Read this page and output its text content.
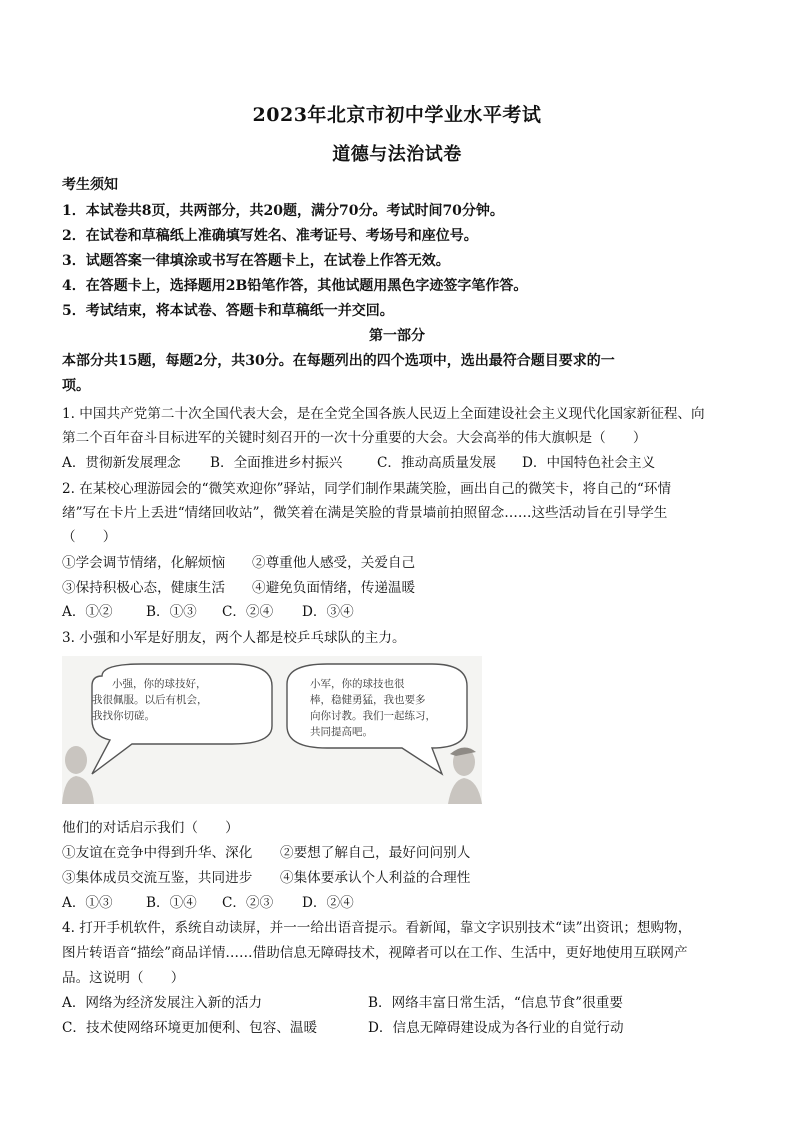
2023年北京市初中学业水平考试
道德与法治试卷
考生须知
1．本试卷共8页，共两部分，共20题，满分70分。考试时间70分钟。
2．在试卷和草稿纸上准确填写姓名、准考证号、考场号和座位号。
3．试题答案一律填涂或书写在答题卡上，在试卷上作答无效。
4．在答题卡上，选择题用2B铅笔作答，其他试题用黑色字迹签字笔作答。
5．考试结束，将本试卷、答题卡和草稿纸一并交回。
第一部分
本部分共15题，每题2分，共30分。在每题列出的四个选项中，选出最符合题目要求的一
项。
1. 中国共产党第二十次全国代表大会，是在全党全国各族人民迈上全面建设社会主义现代化国家新征程、向
第二个百年奋斗目标进军的关键时刻召开的一次十分重要的大会。大会高举的伟大旗帜是（　　）
A．贯彻新发展理念 B．全面推进乡村振兴	C．推动高质量发展 D．中国特色社会主义
2. 在某校心理游园会的“微笑欢迎你”驿站，同学们制作果蔬笑脸，画出自己的微笑卡，将自己的“环情
绪”写在卡片上丢进“情绪回收站”，微笑着在满是笑脸的背景墙前拍照留念……这些活动旨在引导学生
（　　）
①学会调节情绪，化解烦恼 ②尊重他人感受，关爱自己
③保持积极心态，健康生活 ④避免负面情绪，传递温暖
A．①② B．①③ C．②④ D．③④
3. 小强和小军是好朋友，两个人都是校乒乓球队的主力。
小强，你的球技好，
我很佩服。以后有机会，
我找你切磋。
小军，你的球技也很
棒，稳健勇猛，我也要多
向你讨教。我们一起练习，
共同提高吧。
他们的对话启示我们（　　）
①友谊在竞争中得到升华、深化 ②要想了解自己，最好问问别人
③集体成员交流互鉴，共同进步 ④集体要承认个人利益的合理性
A．①③ B．①④ C．②③ D．②④
4. 打开手机软件，系统自动读屏，并一一给出语音提示。看新闻，靠文字识别技术“读”出资讯；想购物，
图片转语音“描绘”商品详情……借助信息无障碍技术，视障者可以在工作、生活中，更好地使用互联网产
品。这说明（　　）
A．网络为经济发展注入新的活力	B．网络丰富日常生活，“信息节食”很重要
C．技术使网络环境更加便利、包容、温暖	D．信息无障碍建设成为各行业的自觉行动
